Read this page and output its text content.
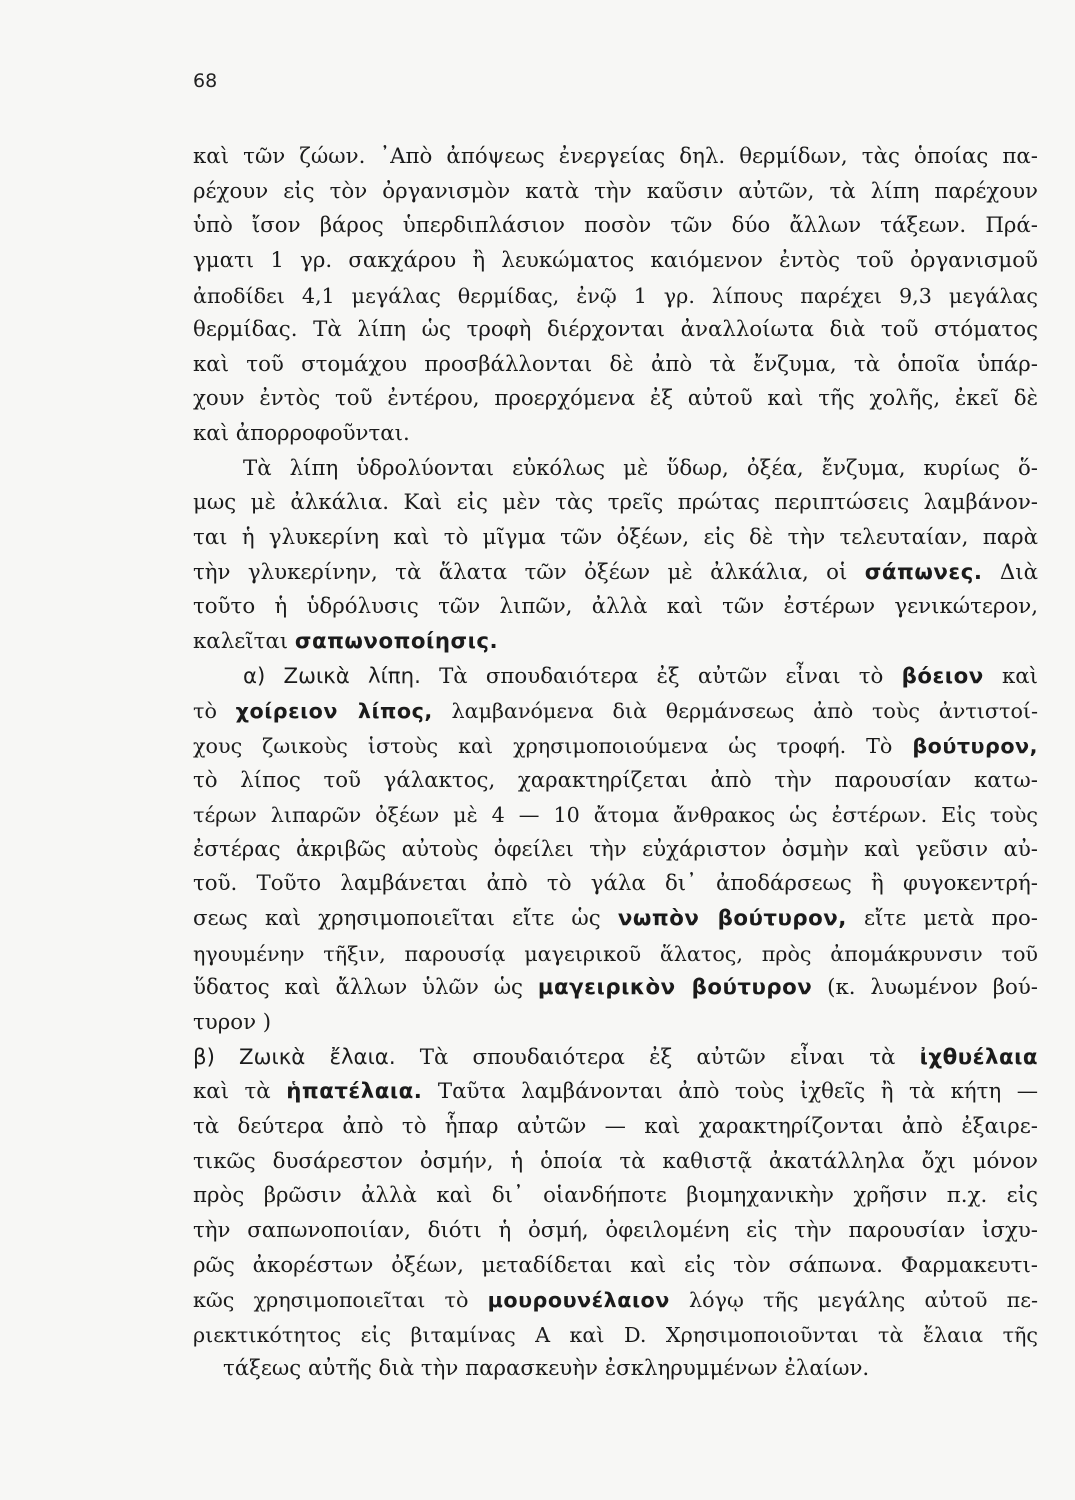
68
καὶ τῶν ζώων. ᾿Απὸ ἀπόψεως ἐνεργείας δηλ. θερμίδων, τὰς ὁποίας πα-
ρέχουν εἰς τὸν ὀργανισμὸν κατὰ τὴν καῦσιν αὐτῶν, τὰ λίπη παρέχουν
ὑπὸ ἴσον βάρος ὑπερδιπλάσιον ποσὸν τῶν δύο ἄλλων τάξεων. Πρά-
γματι 1 γρ. σακχάρου ἢ λευκώματος καιόμενον ἐντὸς τοῦ ὀργανισμοῦ
ἀποδίδει 4,1 μεγάλας θερμίδας, ἐνῷ 1 γρ. λίπους παρέχει 9,3 μεγάλας
θερμίδας. Τὰ λίπη ὡς τροφὴ διέρχονται ἀναλλοίωτα διὰ τοῦ στόματος
καὶ τοῦ στομάχου προσβάλλονται δὲ ἀπὸ τὰ ἔνζυμα, τὰ ὁποῖα ὑπάρ-
χουν ἐντὸς τοῦ ἐντέρου, προερχόμενα ἐξ αὐτοῦ καὶ τῆς χολῆς, ἐκεῖ δὲ
καὶ ἀπορροφοῦνται.
Τὰ λίπη ὑδρολύονται εὐκόλως μὲ ὕδωρ, ὀξέα, ἔνζυμα, κυρίως ὅ-
μως μὲ ἀλκάλια. Καὶ εἰς μὲν τὰς τρεῖς πρώτας περιπτώσεις λαμβάνον-
ται ἡ γλυκερίνη καὶ τὸ μῖγμα τῶν ὀξέων, εἰς δὲ τὴν τελευταίαν, παρὰ
τὴν γλυκερίνην, τὰ ἅλατα τῶν ὀξέων μὲ ἀλκάλια, οἱ σάπωνες. Διὰ
τοῦτο ἡ ὑδρόλυσις τῶν λιπῶν, ἀλλὰ καὶ τῶν ἐστέρων γενικώτερον,
καλεῖται σαπωνοποίησις.
α) Ζωικὰ λίπη. Τὰ σπουδαιότερα ἐξ αὐτῶν εἶναι τὸ βόειον καὶ
τὸ χοίρειον λίπος, λαμβανόμενα διὰ θερμάνσεως ἀπὸ τοὺς ἀντιστοί-
χους ζωικοὺς ἱστοὺς καὶ χρησιμοποιούμενα ὡς τροφή. Τὸ βούτυρον,
τὸ λίπος τοῦ γάλακτος, χαρακτηρίζεται ἀπὸ τὴν παρουσίαν κατω-
τέρων λιπαρῶν ὀξέων μὲ 4 — 10 ἄτομα ἄνθρακος ὡς ἐστέρων. Εἰς τοὺς
ἐστέρας ἀκριβῶς αὐτοὺς ὀφείλει τὴν εὐχάριστον ὀσμὴν καὶ γεῦσιν αὐ-
τοῦ. Τοῦτο λαμβάνεται ἀπὸ τὸ γάλα δι᾿ ἀποδάρσεως ἢ φυγοκεντρή-
σεως καὶ χρησιμοποιεῖται εἴτε ὡς νωπὸν βούτυρον, εἴτε μετὰ προ-
ηγουμένην τῆξιν, παρουσίᾳ μαγειρικοῦ ἅλατος, πρὸς ἀπομάκρυνσιν τοῦ
ὕδατος καὶ ἄλλων ὑλῶν ὡς μαγειρικὸν βούτυρον (κ. λυωμένον βού-
τυρον )
β) Ζωικὰ ἔλαια. Τὰ σπουδαιότερα ἐξ αὐτῶν εἶναι τὰ ἰχθυέλαια
καὶ τὰ ἡπατέλαια. Ταῦτα λαμβάνονται ἀπὸ τοὺς ἰχθεῖς ἢ τὰ κήτη —
τὰ δεύτερα ἀπὸ τὸ ἧπαρ αὐτῶν — καὶ χαρακτηρίζονται ἀπὸ ἐξαιρε-
τικῶς δυσάρεστον ὀσμήν, ἡ ὁποία τὰ καθιστᾷ ἀκατάλληλα ὄχι μόνον
πρὸς βρῶσιν ἀλλὰ καὶ δι᾿ οἱανδήποτε βιομηχανικὴν χρῆσιν π.χ. εἰς
τὴν σαπωνοποιίαν, διότι ἡ ὀσμή, ὀφειλομένη εἰς τὴν παρουσίαν ἰσχυ-
ρῶς ἀκορέστων ὀξέων, μεταδίδεται καὶ εἰς τὸν σάπωνα. Φαρμακευτι-
κῶς χρησιμοποιεῖται τὸ μουρουνέλαιον λόγῳ τῆς μεγάλης αὐτοῦ πε-
ριεκτικότητος εἰς βιταμίνας Α καὶ D. Χρησιμοποιοῦνται τὰ ἔλαια τῆς
τάξεως αὐτῆς διὰ τὴν παρασκευὴν ἐσκληρυμμένων ἐλαίων.
